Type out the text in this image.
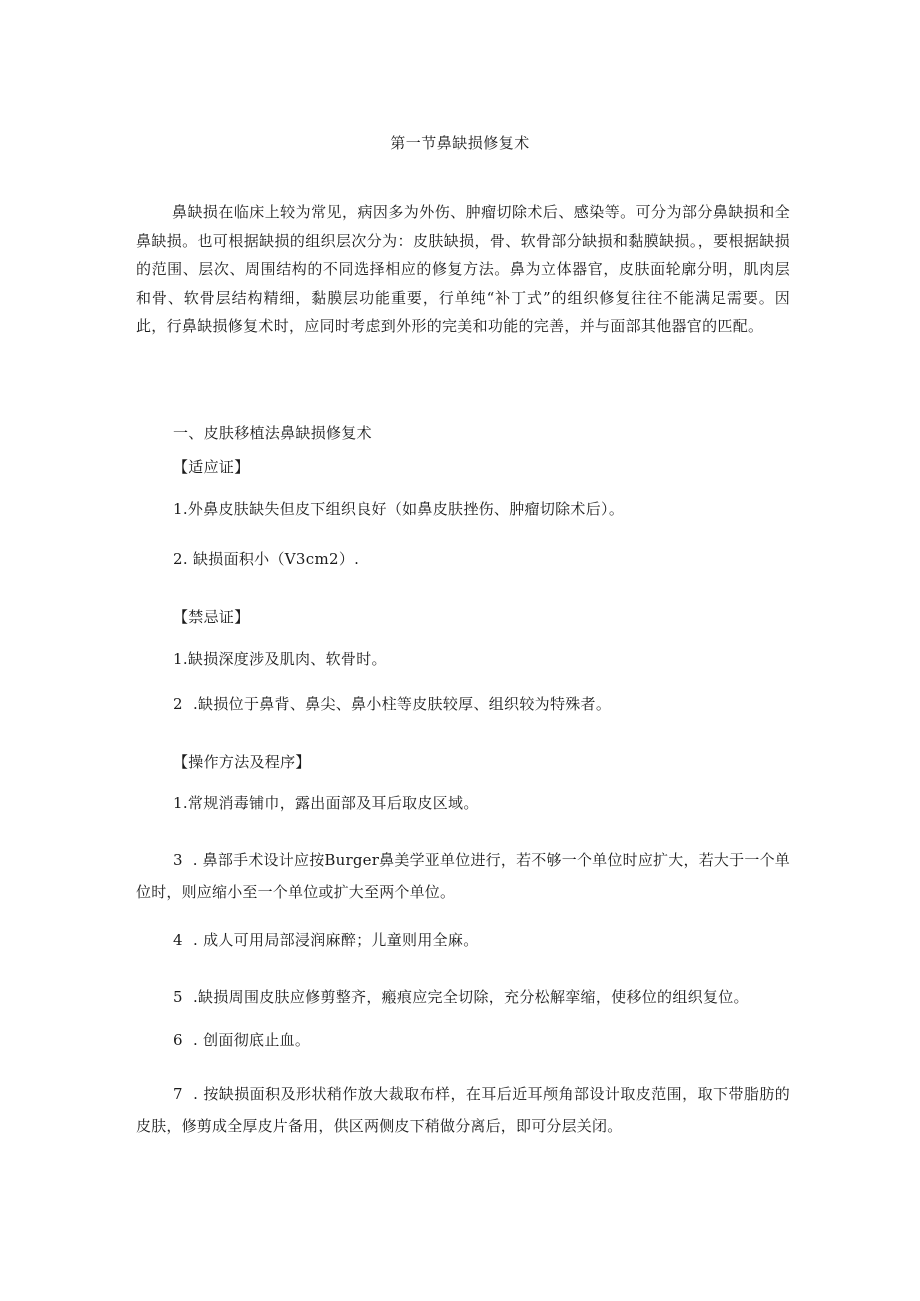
第一节鼻缺损修复术
鼻缺损在临床上较为常见，病因多为外伤、肿瘤切除术后、感染等。可分为部分鼻缺损和全鼻缺损。也可根据缺损的组织层次分为：皮肤缺损，骨、软骨部分缺损和黏膜缺损。，要根据缺损的范围、层次、周围结构的不同选择相应的修复方法。鼻为立体器官，皮肤面轮廓分明，肌肉层和骨、软骨层结构精细，黏膜层功能重要，行单纯“补丁式”的组织修复往往不能满足需要。因此，行鼻缺损修复术时，应同时考虑到外形的完美和功能的完善，并与面部其他器官的匹配。
一、皮肤移植法鼻缺损修复术
【适应证】
1.外鼻皮肤缺失但皮下组织良好（如鼻皮肤挫伤、肿瘤切除术后）。
2. 缺损面积小（V3cm2）.
【禁忌证】
1.缺损深度涉及肌肉、软骨时。
2  .缺损位于鼻背、鼻尖、鼻小柱等皮肤较厚、组织较为特殊者。
【操作方法及程序】
1.常规消毒铺巾，露出面部及耳后取皮区域。
3  . 鼻部手术设计应按Burger鼻美学亚单位进行，若不够一个单位时应扩大，若大于一个单位时，则应缩小至一个单位或扩大至两个单位。
4  . 成人可用局部浸润麻醉；儿童则用全麻。
5  .缺损周围皮肤应修剪整齐，瘢痕应完全切除，充分松解挛缩，使移位的组织复位。
6  . 创面彻底止血。
7  . 按缺损面积及形状稍作放大裁取布样，在耳后近耳颅角部设计取皮范围，取下带脂肪的皮肤，修剪成全厚皮片备用，供区两侧皮下稍做分离后，即可分层关闭。
